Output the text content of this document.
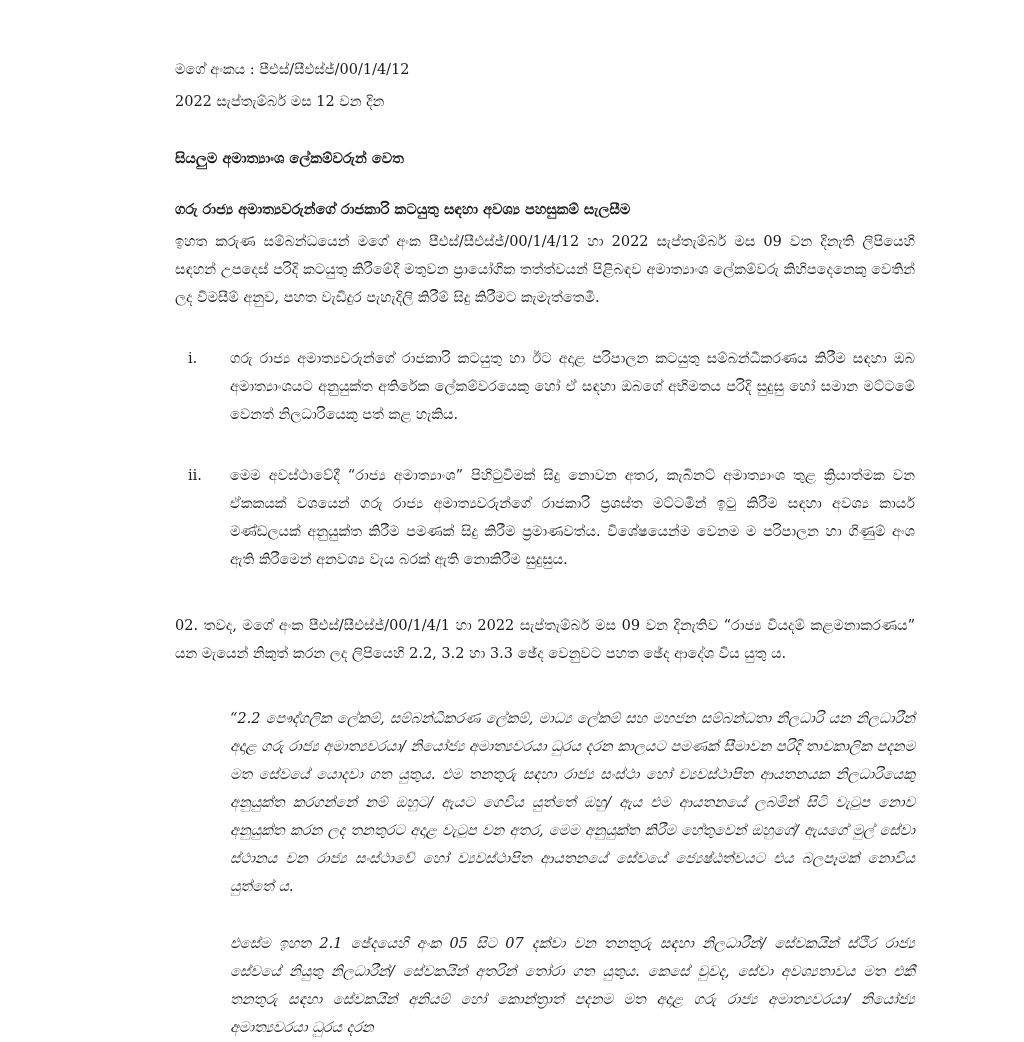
මගේ අංකය : පීඑස්/සීඑස්ජ්/00/1/4/12
2022 සැප්තැම්බර් මස 12 වන දින
සියලුම අමාත්‍යාංශ ලේකම්වරුන් වෙත
ගරු රාජ්‍ය අමාත්‍යවරුන්ගේ රාජකාරි කටයුතු සඳහා අවශ්‍ය පහසුකම් සැලසීම
ඉහත කරුණ සම්බන්ධයෙන් මගේ අංක පීඑස්/සීඑස්ජ්/00/1/4/12 හා 2022 සැප්තැම්බර් මස 09 වන දිනැති ලිපියෙහි සඳහන් උපදෙස් පරිදි කටයුතු කිරීමේදී මතුවන ප්‍රායෝගික තත්ත්වයන් පිළිබඳව අමාත්‍යාංශ ලේකම්වරු කිහිපදෙනෙකු වෙතින් ලද විමසීම් අනුව, පහත වැඩිදුර පැහැදිලි කිරීම් සිදු කිරීමට කැමැත්තෙමි.
i.	ගරු රාජ්‍ය අමාත්‍යවරුන්ගේ රාජකාරි කටයුතු හා ඊට අදාළ පරිපාලන කටයුතු සම්බන්ධීකරණය කිරීම සඳහා ඔබ අමාත්‍යාංශයට අනුයුක්ත අතිරේක ලේකම්වරයෙකු හෝ ඒ සඳහා ඔබගේ අභිමතය පරිදි සුදුසු හෝ සමාන මට්ටමේ වෙනත් නිලධාරියෙකු පත් කළ හැකිය.
ii.	මෙම අවස්ථාවේදී “රාජ්‍ය අමාත්‍යාංශ” පිහිටුවීමක් සිදු නොවන අතර, කැබිනට් අමාත්‍යාංශ තුළ ක්‍රියාත්මක වන ඒකකයක් වශයෙන් ගරු රාජ්‍ය අමාත්‍යවරුන්ගේ රාජකාරි ප්‍රශස්ත මට්ටමින් ඉටු කිරීම සඳහා අවශ්‍ය කාර්ය මණ්ඩලයක් අනුයුක්ත කිරීම පමණක් සිදු කිරීම ප්‍රමාණවත්ය. විශේෂයෙන්ම වෙනම ම පරිපාලන හා ගිණුම් අංශ ඇති කිරීමෙන් අනවශ්‍ය වැය බරක් ඇති නොකිරීම සුදුසුය.
02. තවද, මගේ අංක පීඑස්/සීඑස්ජ්/00/1/4/1 හා 2022 සැප්තැම්බර් මස 09 වන දිනැතිව “රාජ්‍ය වියදම් කළමනාකරණය” යන මැයෙන් නිකුත් කරන ලද ලිපියෙහි 2.2, 3.2 හා 3.3 ඡේද වෙනුවට පහත ඡේද ආදේශ විය යුතු ය.
“2.2 පෞද්ගලික ලේකම්, සම්බන්ධීකරණ ලේකම්, මාධ්‍ය ලේකම් සහ මහජන සම්බන්ධතා නිලධාරි යන නිලධාරීන් අදාළ ගරු රාජ්‍ය අමාත්‍යවරයා/ නියෝජ්‍ය අමාත්‍යවරයා ධුරය දරන කාලයට පමණක් සීමාවන පරිදි තාවකාලික පදනම මත සේවයේ යොදවා ගත යුතුය. එම තනතුරු සඳහා රාජ්‍ය සංස්ථා හෝ ව්‍යවස්ථාපිත ආයතනයක නිලධාරියෙකු අනුයුක්ත කරගන්නේ නම් ඔහුට/ ඇයට ගෙවිය යුත්තේ ඔහු/ ඇය එම ආයතනයේ ලබමින් සිටි වැටුප නොව අනුයුක්ත කරන ලද තනතුරට අදාළ වැටුප වන අතර, මෙම අනුයුක්ත කිරීම හේතුවෙන් ඔහුගේ/ ඇයගේ මුල් සේවා ස්ථානය වන රාජ්‍ය සංස්ථාවේ හෝ ව්‍යවස්ථාපිත ආයතනයේ සේවයේ ජ්‍යෙෂ්ඨත්වයට එය බලපෑමක් නොවිය යුත්තේ ය.
එසේම ඉහත 2.1 ඡේදයෙහි අංක 05 සිට 07 දක්වා වන තනතුරු සඳහා නිලධාරීන්/ සේවකයින් ස්ථිර රාජ්‍ය සේවයේ නියුතු නිලධාරීන්/ සේවකයින් අතරින් තෝරා ගත යුතුය. කෙසේ වුවද, සේවා අවශ්‍යතාවය මත එකී තනතුරු සඳහා සේවකයින් අනියම් හෝ කොන්ත්‍රාත් පදනම මත අදාළ ගරු රාජ්‍ය අමාත්‍යවරයා/ නියෝජ්‍ය අමාත්‍යවරයා ධුරය දරන
